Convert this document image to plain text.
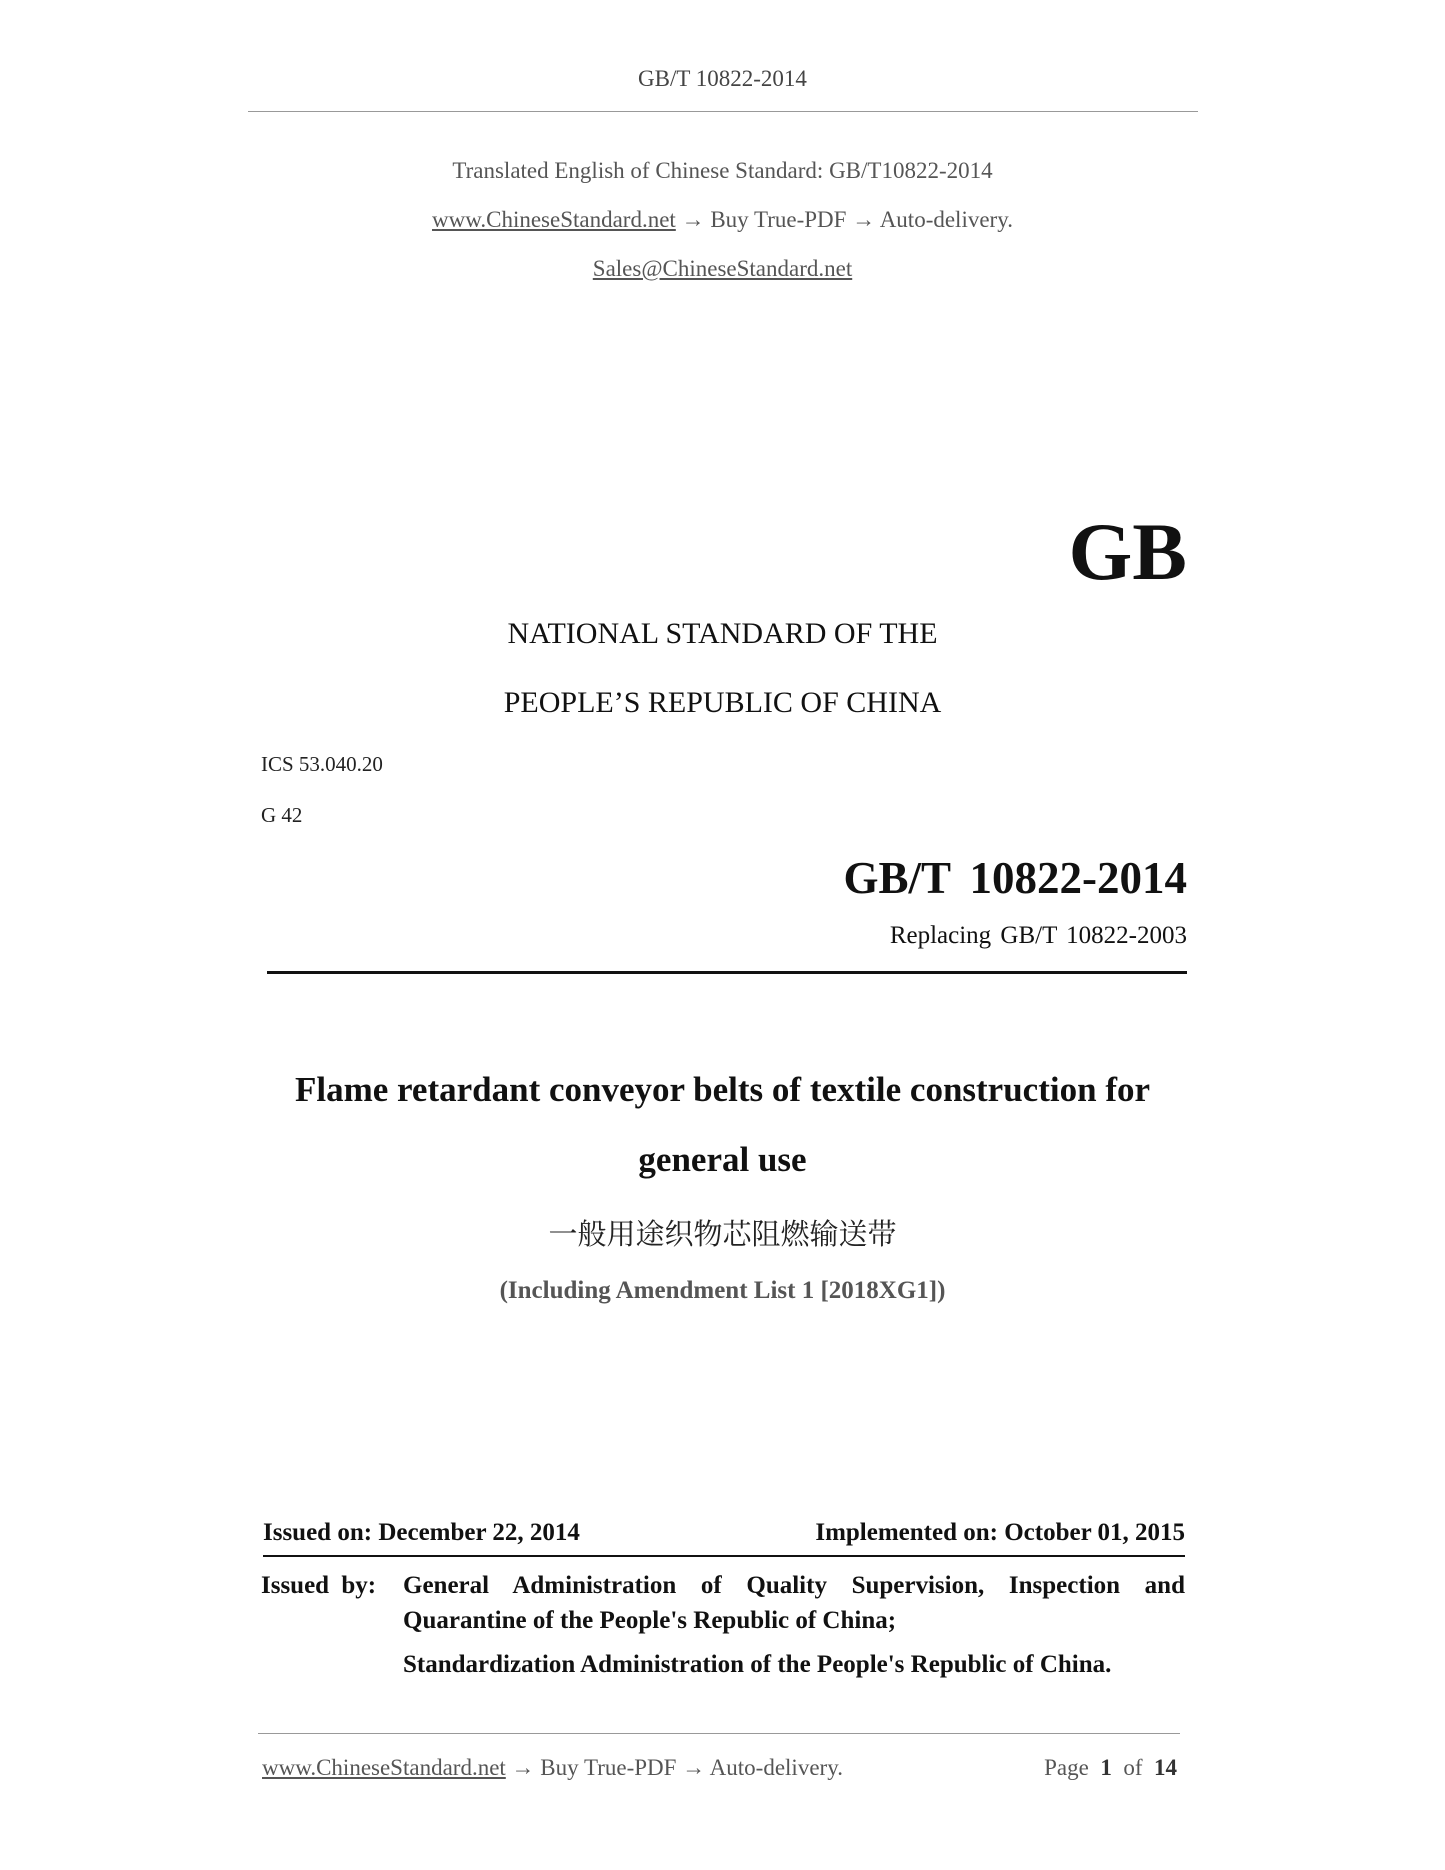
GB/T 10822-2014
Translated English of Chinese Standard: GB/T10822-2014
www.ChineseStandard.net → Buy True-PDF → Auto-delivery.
Sales@ChineseStandard.net
GB
NATIONAL STANDARD OF THE
PEOPLE’S REPUBLIC OF CHINA
ICS 53.040.20
G 42
GB/T 10822-2014
Replacing GB/T 10822-2003
Flame retardant conveyor belts of textile construction for
general use
一般用途织物芯阻燃输送带
(Including Amendment List 1 [2018XG1])
Issued on: December 22, 2014	Implemented on: October 01, 2015
Issued by: General Administration of Quality Supervision, Inspection and
Quarantine of the People's Republic of China;
Standardization Administration of the People's Republic of China.
www.ChineseStandard.net → Buy True-PDF → Auto-delivery.	Page 1 of 14
